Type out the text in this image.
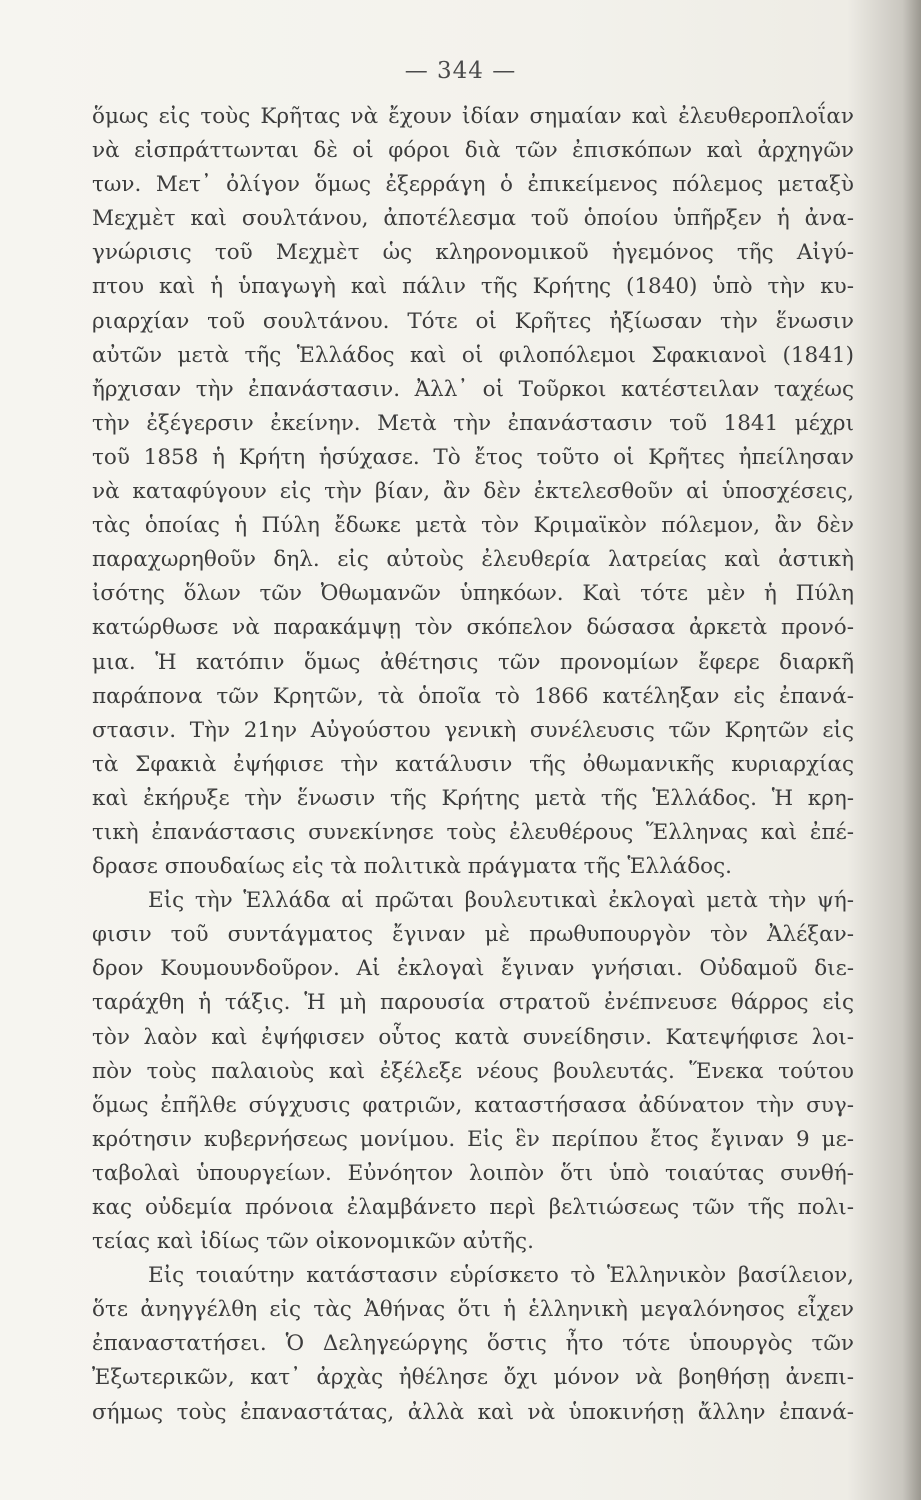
— 344 —
ὅμως εἰς τοὺς Κρῆτας νὰ ἔχουν ἰδίαν σημαίαν καὶ ἐλευθεροπλοΐαν
νὰ εἰσπράττωνται δὲ οἱ φόροι διὰ τῶν ἐπισκόπων καὶ ἀρχηγῶν
των. Μετ᾽ ὀλίγον ὅμως ἐξερράγη ὁ ἐπικείμενος πόλεμος μεταξὺ
Μεχμὲτ καὶ σουλτάνου, ἀποτέλεσμα τοῦ ὁποίου ὑπῆρξεν ἡ ἀνα-
γνώρισις τοῦ Μεχμὲτ ὡς κληρονομικοῦ ἡγεμόνος τῆς Αἰγύ-
πτου καὶ ἡ ὑπαγωγὴ καὶ πάλιν τῆς Κρήτης (1840) ὑπὸ τὴν κυ-
ριαρχίαν τοῦ σουλτάνου. Τότε οἱ Κρῆτες ἠξίωσαν τὴν ἕνωσιν
αὐτῶν μετὰ τῆς Ἑλλάδος καὶ οἱ φιλοπόλεμοι Σφακιανοὶ (1841)
ἤρχισαν τὴν ἐπανάστασιν. Ἀλλ᾽ οἱ Τοῦρκοι κατέστειλαν ταχέως
τὴν ἐξέγερσιν ἐκείνην. Μετὰ τὴν ἐπανάστασιν τοῦ 1841 μέχρι
τοῦ 1858 ἡ Κρήτη ἡσύχασε. Τὸ ἔτος τοῦτο οἱ Κρῆτες ἠπείλησαν
νὰ καταφύγουν εἰς τὴν βίαν, ἂν δὲν ἐκτελεσθοῦν αἱ ὑποσχέσεις,
τὰς ὁποίας ἡ Πύλη ἔδωκε μετὰ τὸν Κριμαϊκὸν πόλεμον, ἂν δὲν
παραχωρηθοῦν δηλ. εἰς αὐτοὺς ἐλευθερία λατρείας καὶ ἀστικὴ
ἰσότης ὅλων τῶν Ὀθωμανῶν ὑπηκόων. Καὶ τότε μὲν ἡ Πύλη
κατώρθωσε νὰ παρακάμψῃ τὸν σκόπελον δώσασα ἀρκετὰ προνό-
μια. Ἡ κατόπιν ὅμως ἀθέτησις τῶν προνομίων ἔφερε διαρκῆ
παράπονα τῶν Κρητῶν, τὰ ὁποῖα τὸ 1866 κατέληξαν εἰς ἐπανά-
στασιν. Τὴν 21ην Αὐγούστου γενικὴ συνέλευσις τῶν Κρητῶν εἰς
τὰ Σφακιὰ ἐψήφισε τὴν κατάλυσιν τῆς ὀθωμανικῆς κυριαρχίας
καὶ ἐκήρυξε τὴν ἕνωσιν τῆς Κρήτης μετὰ τῆς Ἑλλάδος. Ἡ κρη-
τικὴ ἐπανάστασις συνεκίνησε τοὺς ἐλευθέρους Ἕλληνας καὶ ἐπέ-
δρασε σπουδαίως εἰς τὰ πολιτικὰ πράγματα τῆς Ἑλλάδος.
Εἰς τὴν Ἑλλάδα αἱ πρῶται βουλευτικαὶ ἐκλογαὶ μετὰ τὴν ψή-
φισιν τοῦ συντάγματος ἔγιναν μὲ πρωθυπουργὸν τὸν Ἀλέξαν-
δρον Κουμουνδοῦρον. Αἱ ἐκλογαὶ ἔγιναν γνήσιαι. Οὐδαμοῦ διε-
ταράχθη ἡ τάξις. Ἡ μὴ παρουσία στρατοῦ ἐνέπνευσε θάρρος εἰς
τὸν λαὸν καὶ ἐψήφισεν οὗτος κατὰ συνείδησιν. Κατεψήφισε λοι-
πὸν τοὺς παλαιοὺς καὶ ἐξέλεξε νέους βουλευτάς. Ἕνεκα τούτου
ὅμως ἐπῆλθε σύγχυσις φατριῶν, καταστήσασα ἀδύνατον τὴν συγ-
κρότησιν κυβερνήσεως μονίμου. Εἰς ἓν περίπου ἔτος ἔγιναν 9 με-
ταβολαὶ ὑπουργείων. Εὐνόητον λοιπὸν ὅτι ὑπὸ τοιαύτας συνθή-
κας οὐδεμία πρόνοια ἐλαμβάνετο περὶ βελτιώσεως τῶν τῆς πολι-
τείας καὶ ἰδίως τῶν οἰκονομικῶν αὐτῆς.
Εἰς τοιαύτην κατάστασιν εὑρίσκετο τὸ Ἑλληνικὸν βασίλειον,
ὅτε ἀνηγγέλθη εἰς τὰς Ἀθήνας ὅτι ἡ ἑλληνικὴ μεγαλόνησος εἶχεν
ἐπαναστατήσει. Ὁ Δεληγεώργης ὅστις ἦτο τότε ὑπουργὸς τῶν
Ἐξωτερικῶν, κατ᾽ ἀρχὰς ἠθέλησε ὄχι μόνον νὰ βοηθήσῃ ἀνεπι-
σήμως τοὺς ἐπαναστάτας, ἀλλὰ καὶ νὰ ὑποκινήσῃ ἄλλην ἐπανά-
